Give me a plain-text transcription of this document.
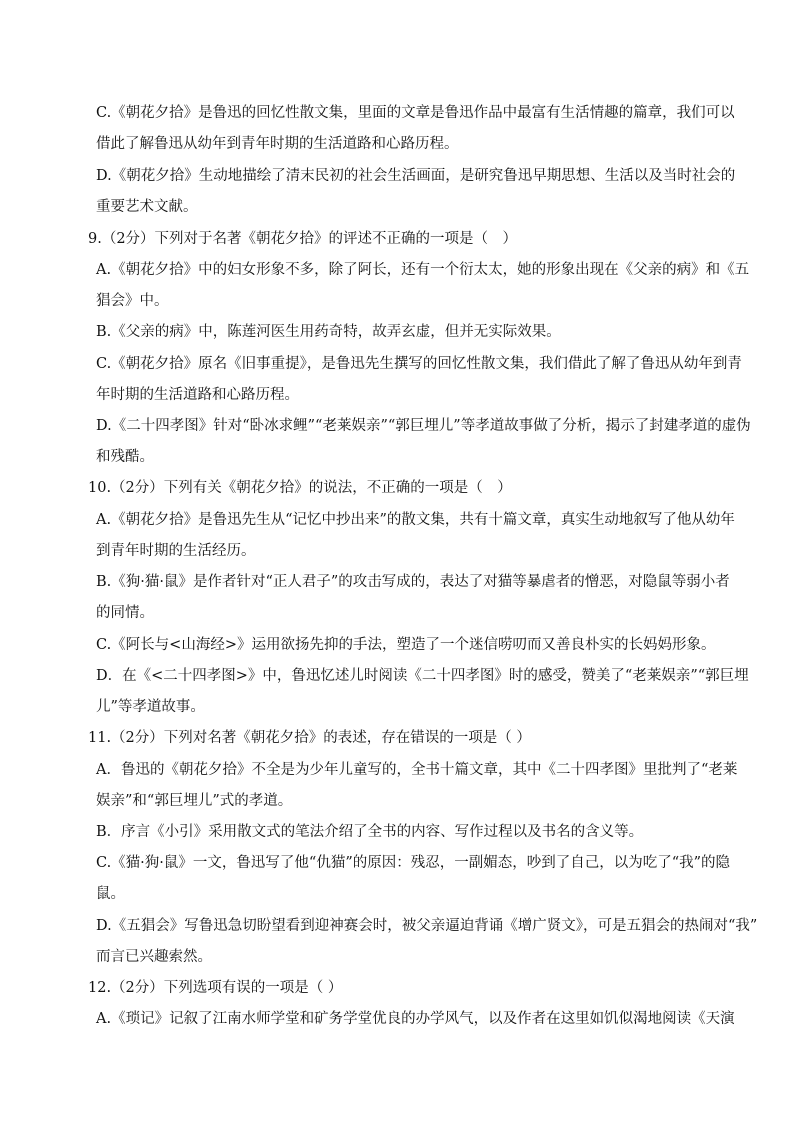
C.《朝花夕拾》是鲁迅的回忆性散文集，里面的文章是鲁迅作品中最富有生活情趣的篇章，我们可以
借此了解鲁迅从幼年到青年时期的生活道路和心路历程。
D.《朝花夕拾》生动地描绘了清末民初的社会生活画面，是研究鲁迅早期思想、生活以及当时社会的
重要艺术文献。
9.（2分）下列对于名著《朝花夕拾》的评述不正确的一项是（　）
A.《朝花夕拾》中的妇女形象不多，除了阿长，还有一个衍太太，她的形象出现在《父亲的病》和《五
猖会》中。
B.《父亲的病》中，陈莲河医生用药奇特，故弄玄虚，但并无实际效果。
C.《朝花夕拾》原名《旧事重提》，是鲁迅先生撰写的回忆性散文集，我们借此了解了鲁迅从幼年到青
年时期的生活道路和心路历程。
D.《二十四孝图》针对“卧冰求鲤”“老莱娱亲”“郭巨埋儿”等孝道故事做了分析，揭示了封建孝道的虚伪
和残酷。
10.（2分）下列有关《朝花夕拾》的说法，不正确的一项是（　）
A.《朝花夕拾》是鲁迅先生从“记忆中抄出来”的散文集，共有十篇文章，真实生动地叙写了他从幼年
到青年时期的生活经历。
B.《狗·猫·鼠》是作者针对“正人君子”的攻击写成的，表达了对猫等暴虐者的憎恶，对隐鼠等弱小者
的同情。
C.《阿长与<山海经>》运用欲扬先抑的手法，塑造了一个迷信唠叨而又善良朴实的长妈妈形象。
D．在《<二十四孝图>》中，鲁迅忆述儿时阅读《二十四孝图》时的感受，赞美了“老莱娱亲”“郭巨埋
儿”等孝道故事。
11.（2分）下列对名著《朝花夕拾》的表述，存在错误的一项是（ ）
A．鲁迅的《朝花夕拾》不全是为少年儿童写的，全书十篇文章，其中《二十四孝图》里批判了“老莱
娱亲”和“郭巨埋儿”式的孝道。
B．序言《小引》采用散文式的笔法介绍了全书的内容、写作过程以及书名的含义等。
C.《猫·狗·鼠》一文，鲁迅写了他“仇猫”的原因：残忍，一副媚态，吵到了自己，以为吃了“我”的隐
鼠。
D.《五猖会》写鲁迅急切盼望看到迎神赛会时，被父亲逼迫背诵《增广贤文》，可是五猖会的热闹对“我”
而言已兴趣索然。
12.（2分）下列选项有误的一项是（ ）
A.《琐记》记叙了江南水师学堂和矿务学堂优良的办学风气，以及作者在这里如饥似渴地阅读《天演
